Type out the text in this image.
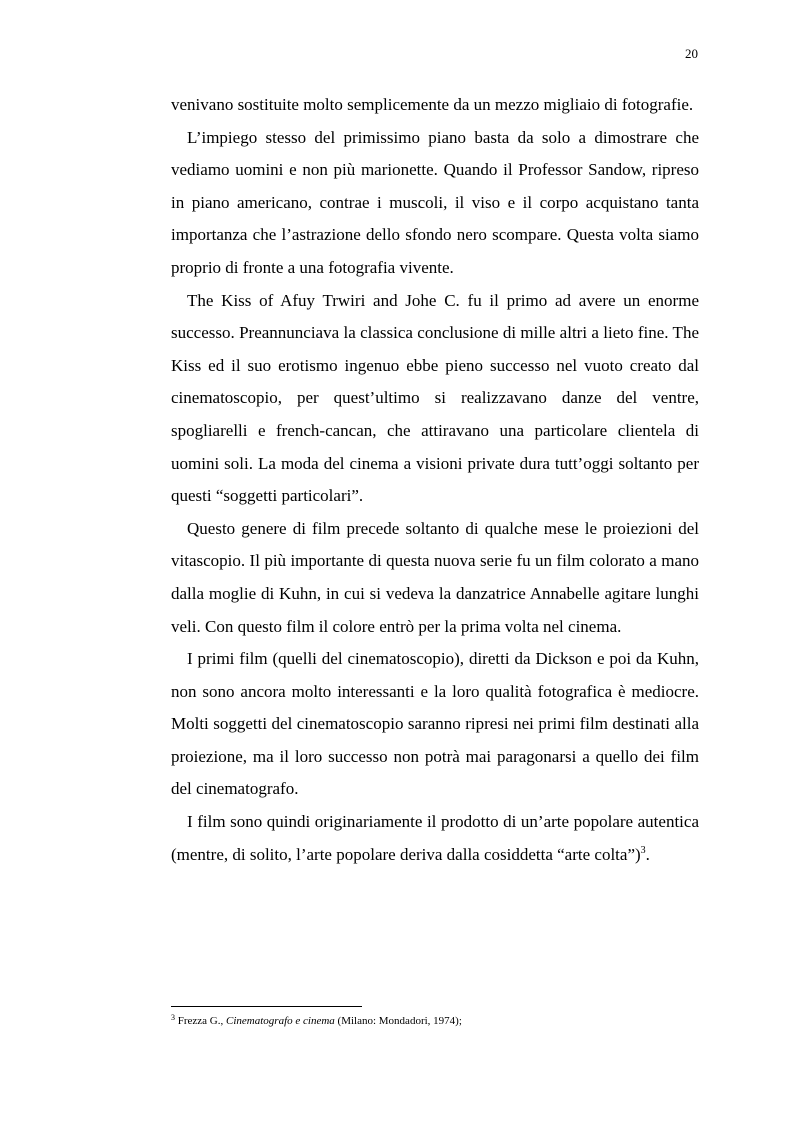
20

venivano sostituite molto semplicemente da un mezzo migliaio di fotografie.

L’impiego stesso del primissimo piano basta da solo a dimostrare che vediamo uomini e non più marionette. Quando il Professor Sandow, ripreso in piano americano, contrae i muscoli, il viso e il corpo acquistano tanta importanza che l’astrazione dello sfondo nero scompare. Questa volta siamo proprio di fronte a una fotografia vivente.

The Kiss of Afuy Trwiri and Johe C. fu il primo ad avere un enorme successo. Preannunciava la classica conclusione di mille altri a lieto fine. The Kiss ed il suo erotismo ingenuo ebbe pieno successo nel vuoto creato dal cinematoscopio, per quest’ultimo si realizzavano danze del ventre, spogliarelli e french-cancan, che attiravano una particolare clientela di uomini soli. La moda del cinema a visioni private dura tutt’oggi soltanto per questi “soggetti particolari”.

Questo genere di film precede soltanto di qualche mese le proiezioni del vitascopio. Il più importante di questa nuova serie fu un film colorato a mano dalla moglie di Kuhn, in cui si vedeva la danzatrice Annabelle agitare lunghi veli. Con questo film il colore entrò per la prima volta nel cinema.

I primi film (quelli del cinematoscopio), diretti da Dickson e poi da Kuhn, non sono ancora molto interessanti e la loro qualità fotografica è mediocre. Molti soggetti del cinematoscopio saranno ripresi nei primi film destinati alla proiezione, ma il loro successo non potrà mai paragonarsi a quello dei film del cinematografo.

I film sono quindi originariamente il prodotto di un’arte popolare autentica (mentre, di solito, l’arte popolare deriva dalla cosiddetta “arte colta”)$^3$.

$^3$ Frezza G., Cinematografo e cinema (Milano: Mondadori, 1974);
